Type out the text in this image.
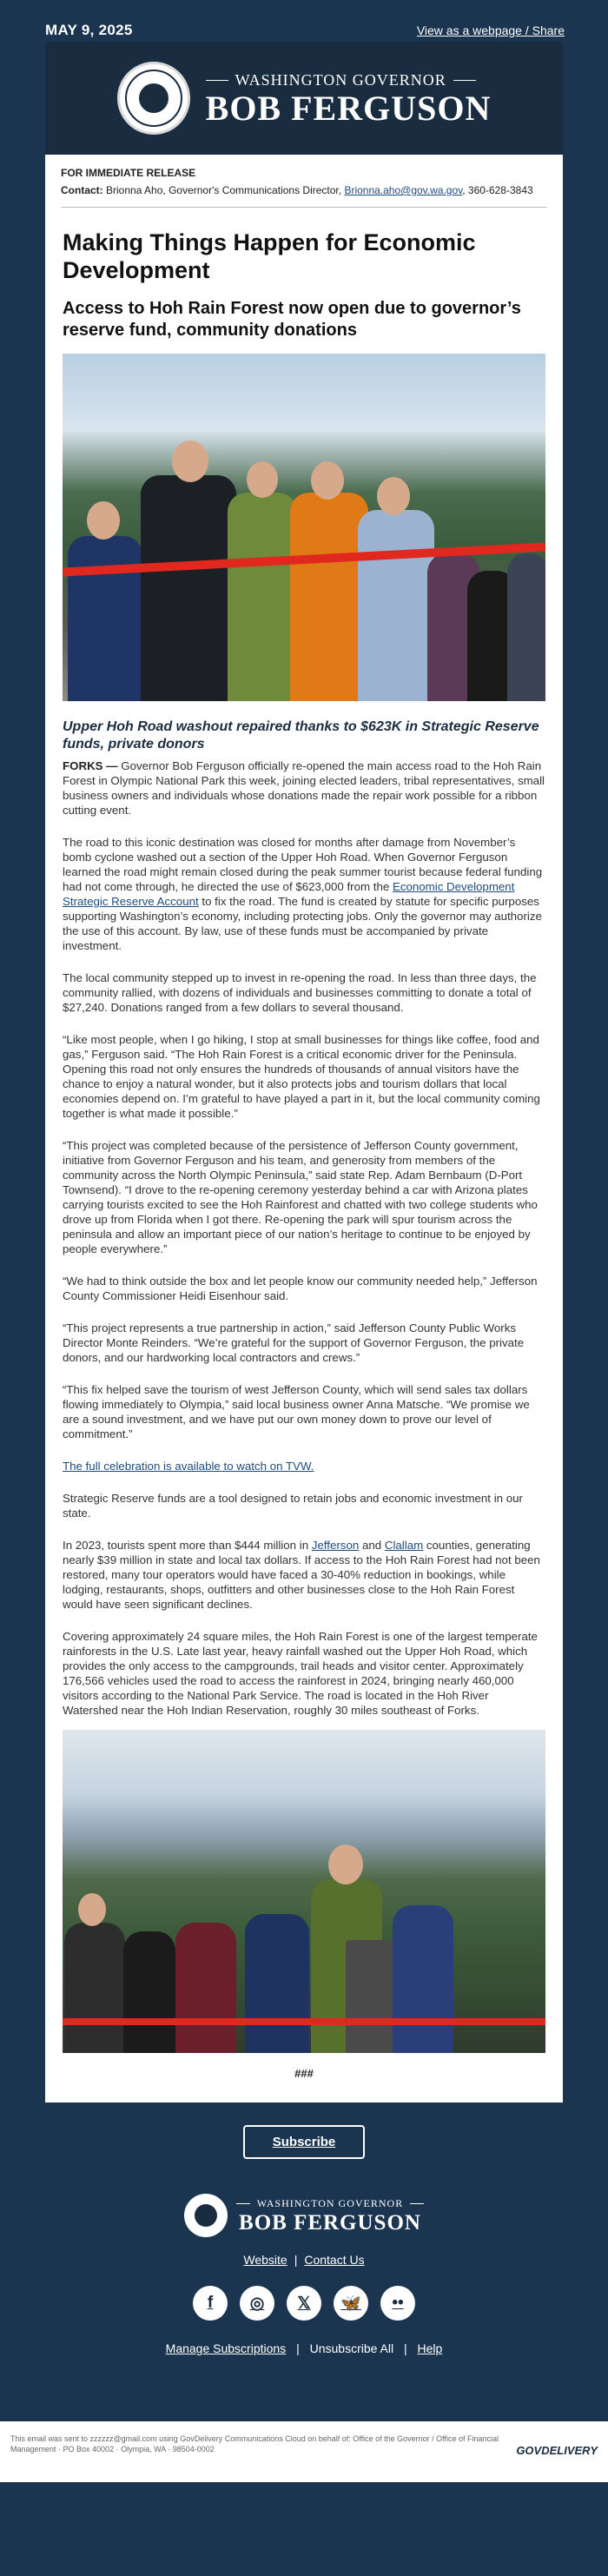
MAY 9, 2025	View as a webpage / Share
WASHINGTON GOVERNOR
BOB FERGUSON
FOR IMMEDIATE RELEASE
Contact: Brionna Aho, Governor's Communications Director, Brionna.aho@gov.wa.gov, 360-628-3843
Making Things Happen for Economic Development
Access to Hoh Rain Forest now open due to governor’s reserve fund, community donations
Upper Hoh Road washout repaired thanks to $623K in Strategic Reserve funds, private donors

FORKS — Governor Bob Ferguson officially re-opened the main access road to the Hoh Rain Forest in Olympic National Park this week, joining elected leaders, tribal representatives, small business owners and individuals whose donations made the repair work possible for a ribbon cutting event.

The road to this iconic destination was closed for months after damage from November’s bomb cyclone washed out a section of the Upper Hoh Road. When Governor Ferguson learned the road might remain closed during the peak summer tourist because federal funding had not come through, he directed the use of $623,000 from the Economic Development Strategic Reserve Account to fix the road. The fund is created by statute for specific purposes supporting Washington’s economy, including protecting jobs. Only the governor may authorize the use of this account. By law, use of these funds must be accompanied by private investment.

The local community stepped up to invest in re-opening the road. In less than three days, the community rallied, with dozens of individuals and businesses committing to donate a total of $27,240. Donations ranged from a few dollars to several thousand.

“Like most people, when I go hiking, I stop at small businesses for things like coffee, food and gas,” Ferguson said. “The Hoh Rain Forest is a critical economic driver for the Peninsula. Opening this road not only ensures the hundreds of thousands of annual visitors have the chance to enjoy a natural wonder, but it also protects jobs and tourism dollars that local economies depend on. I’m grateful to have played a part in it, but the local community coming together is what made it possible.”

“This project was completed because of the persistence of Jefferson County government, initiative from Governor Ferguson and his team, and generosity from members of the community across the North Olympic Peninsula,” said state Rep. Adam Bernbaum (D-Port Townsend). “I drove to the re-opening ceremony yesterday behind a car with Arizona plates carrying tourists excited to see the Hoh Rainforest and chatted with two college students who drove up from Florida when I got there. Re-opening the park will spur tourism across the peninsula and allow an important piece of our nation’s heritage to continue to be enjoyed by people everywhere.”

“We had to think outside the box and let people know our community needed help,” Jefferson County Commissioner Heidi Eisenhour said.

“This project represents a true partnership in action,” said Jefferson County Public Works Director Monte Reinders. “We’re grateful for the support of Governor Ferguson, the private donors, and our hardworking local contractors and crews.”

“This fix helped save the tourism of west Jefferson County, which will send sales tax dollars flowing immediately to Olympia,” said local business owner Anna Matsche. “We promise we are a sound investment, and we have put our own money down to prove our level of commitment.”

The full celebration is available to watch on TVW.

Strategic Reserve funds are a tool designed to retain jobs and economic investment in our state.

In 2023, tourists spent more than $444 million in Jefferson and Clallam counties, generating nearly $39 million in state and local tax dollars. If access to the Hoh Rain Forest had not been restored, many tour operators would have faced a 30-40% reduction in bookings, while lodging, restaurants, shops, outfitters and other businesses close to the Hoh Rain Forest would have seen significant declines.

Covering approximately 24 square miles, the Hoh Rain Forest is one of the largest temperate rainforests in the U.S. Late last year, heavy rainfall washed out the Upper Hoh Road, which provides the only access to the campgrounds, trail heads and visitor center. Approximately 176,566 vehicles used the road to access the rainforest in 2024, bringing nearly 460,000 visitors according to the National Park Service. The road is located in the Hoh River Watershed near the Hoh Indian Reservation, roughly 30 miles southeast of Forks.

###
Subscribe
WASHINGTON GOVERNOR
BOB FERGUSON
Website | Contact Us
f	◎	𝕏	🦋	••
Manage Subscriptions | Unsubscribe All | Help
This email was sent to zzzzzz@gmail.com using GovDelivery Communications Cloud on behalf of: Office of the Governor / Office of Financial Management · PO Box 40002 · Olympia, WA · 98504-0002	GOVDELIVERY
